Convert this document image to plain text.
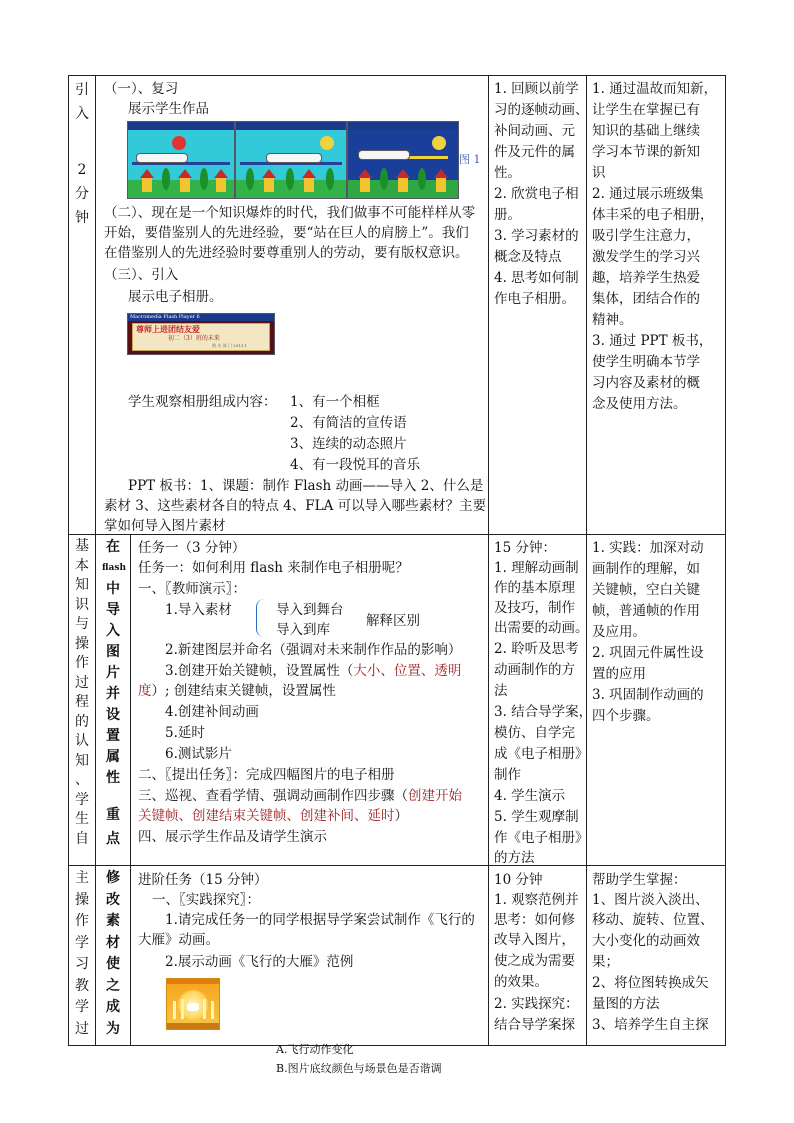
引
入
2
分
钟
（一）、复习
展示学生作品
图 1
（二）、现在是一个知识爆炸的时代，我们做事不可能样样从零
开始，要借鉴别人的先进经验，要“站在巨人的肩膀上”。我们
在借鉴别人的先进经验时要尊重别人的劳动，要有版权意识。
（三）、引入
展示电子相册。
Macromedia Flash Player 6
尊师上进团结友爱
初二（3）班的未来
相 关 部 门 2013.1
学生观察相册组成内容： 1、有一个相框
2、有简洁的宣传语
3、连续的动态照片
4、有一段悦耳的音乐
PPT 板书：1、课题：制作 Flash 动画——导入 2、什么是
素材 3、这些素材各自的特点 4、FLA 可以导入哪些素材？主要
掌如何导入图片素材
1. 回顾以前学
习的逐帧动画、
补间动画、元
件及元件的属
性。
2. 欣赏电子相
册。
3. 学习素材的
概念及特点
4. 思考如何制
作电子相册。
1. 通过温故而知新，
让学生在掌握已有
知识的基础上继续
学习本节课的新知
识
2. 通过展示班级集
体丰采的电子相册，
吸引学生注意力，
激发学生的学习兴
趣，培养学生热爱
集体，团结合作的
精神。
3. 通过 PPT 板书，
使学生明确本节学
习内容及素材的概
念及使用方法。
基
本
知
识
与
操
作
过
程
的
认
知
、
学
生
自
在
flash
中
导
入
图
片
并
设
置
属
性
重
点
任务一（3 分钟）
任务一：如何利用 flash 来制作电子相册呢？
一、〖教师演示〗：
1.导入素材	导入到舞台
导入到库
解释区别
2.新建图层并命名（强调对未来制作作品的影响）
3.创建开始关键帧，设置属性（大小、位置、透明
度）; 创建结束关键帧，设置属性
4.创建补间动画
5.延时
6.测试影片
二、〖提出任务〗：完成四幅图片的电子相册
三、巡视、查看学情、强调动画制作四步骤（创建开始
关键帧、创建结束关键帧、创建补间、延时）
四、展示学生作品及请学生演示
15 分钟：
1. 理解动画制
作的基本原理
及技巧，制作
出需要的动画。
2. 聆听及思考
动画制作的方
法
3. 结合导学案，
模仿、自学完
成《电子相册》
制作
4. 学生演示
5. 学生观摩制
作《电子相册》
的方法
1. 实践：加深对动
画制作的理解，如
关键帧，空白关键
帧，普通帧的作用
及应用。
2. 巩固元件属性设
置的应用
3. 巩固制作动画的
四个步骤。
主
操
作
学
习
教
学
过
修
改
素
材
使
之
成
为
进阶任务（15 分钟）
一、〖实践探究〗：
1.请完成任务一的同学根据导学案尝试制作《飞行的
大雁》动画。
2.展示动画《飞行的大雁》范例
10 分钟
1. 观察范例并
思考：如何修
改导入图片，
使之成为需要
的效果。
2. 实践探究：
结合导学案探
帮助学生掌握：
1、图片淡入淡出、
移动、旋转、位置、
大小变化的动画效
果；
2、将位图转换成矢
量图的方法
3、培养学生自主探
A.飞行动作变化
B.图片底纹颜色与场景色是否谐调
